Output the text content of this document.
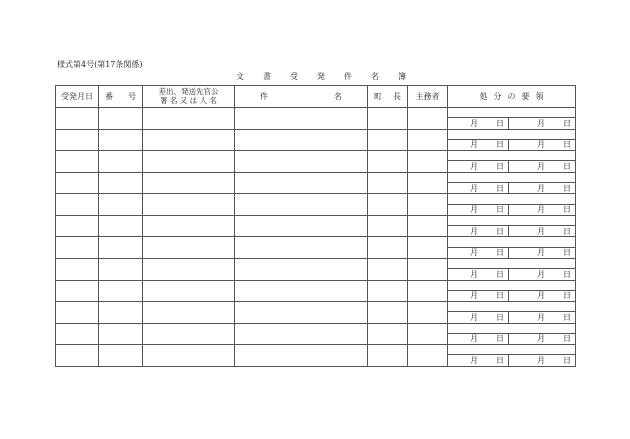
様式第4号(第17条関係)
文 書 受 発 件 名 簿
受発月日	番 号	差出、発送先官公
署 名 又 は 人 名	件 名	町 長	主務者	処 分 の 要 領

						月 日 月 日

						月 日 月 日

						月 日 月 日

						月 日 月 日

						月 日 月 日

						月 日 月 日

						月 日 月 日

						月 日 月 日

						月 日 月 日

						月 日 月 日

						月 日 月 日

						月 日 月 日
